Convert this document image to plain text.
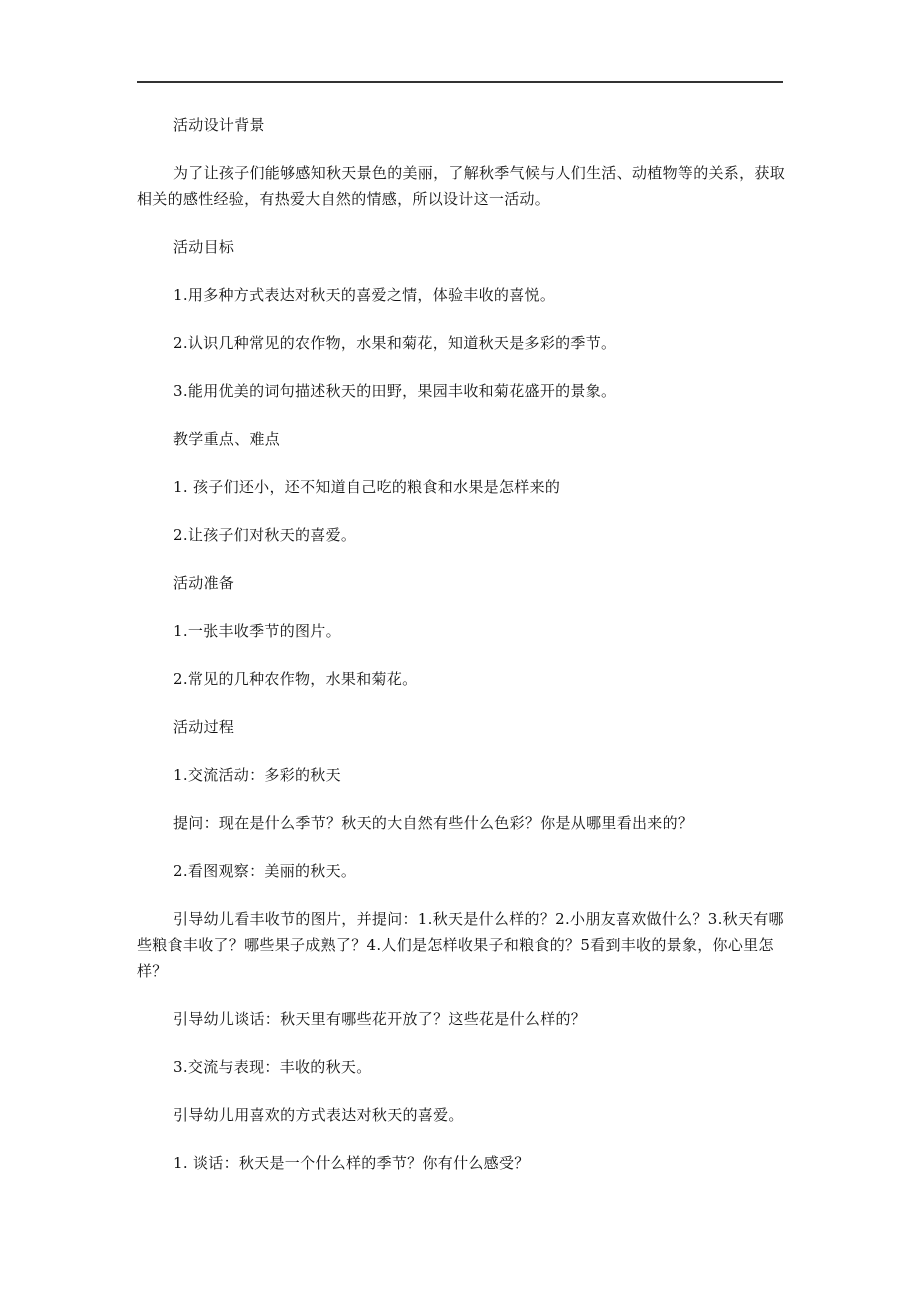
活动设计背景

为了让孩子们能够感知秋天景色的美丽，了解秋季气候与人们生活、动植物等的关系，获取相关的感性经验，有热爱大自然的情感，所以设计这一活动。

活动目标

1.用多种方式表达对秋天的喜爱之情，体验丰收的喜悦。

2.认识几种常见的农作物，水果和菊花，知道秋天是多彩的季节。

3.能用优美的词句描述秋天的田野，果园丰收和菊花盛开的景象。

教学重点、难点

1. 孩子们还小，还不知道自己吃的粮食和水果是怎样来的

2.让孩子们对秋天的喜爱。

活动准备

1.一张丰收季节的图片。

2.常见的几种农作物，水果和菊花。

活动过程

1.交流活动：多彩的秋天

提问：现在是什么季节？秋天的大自然有些什么色彩？你是从哪里看出来的？

2.看图观察：美丽的秋天。

引导幼儿看丰收节的图片，并提问：1.秋天是什么样的？2.小朋友喜欢做什么？3.秋天有哪些粮食丰收了？哪些果子成熟了？4.人们是怎样收果子和粮食的？5看到丰收的景象，你心里怎样？

引导幼儿谈话：秋天里有哪些花开放了？这些花是什么样的？

3.交流与表现：丰收的秋天。

引导幼儿用喜欢的方式表达对秋天的喜爱。

1. 谈话：秋天是一个什么样的季节？你有什么感受？
